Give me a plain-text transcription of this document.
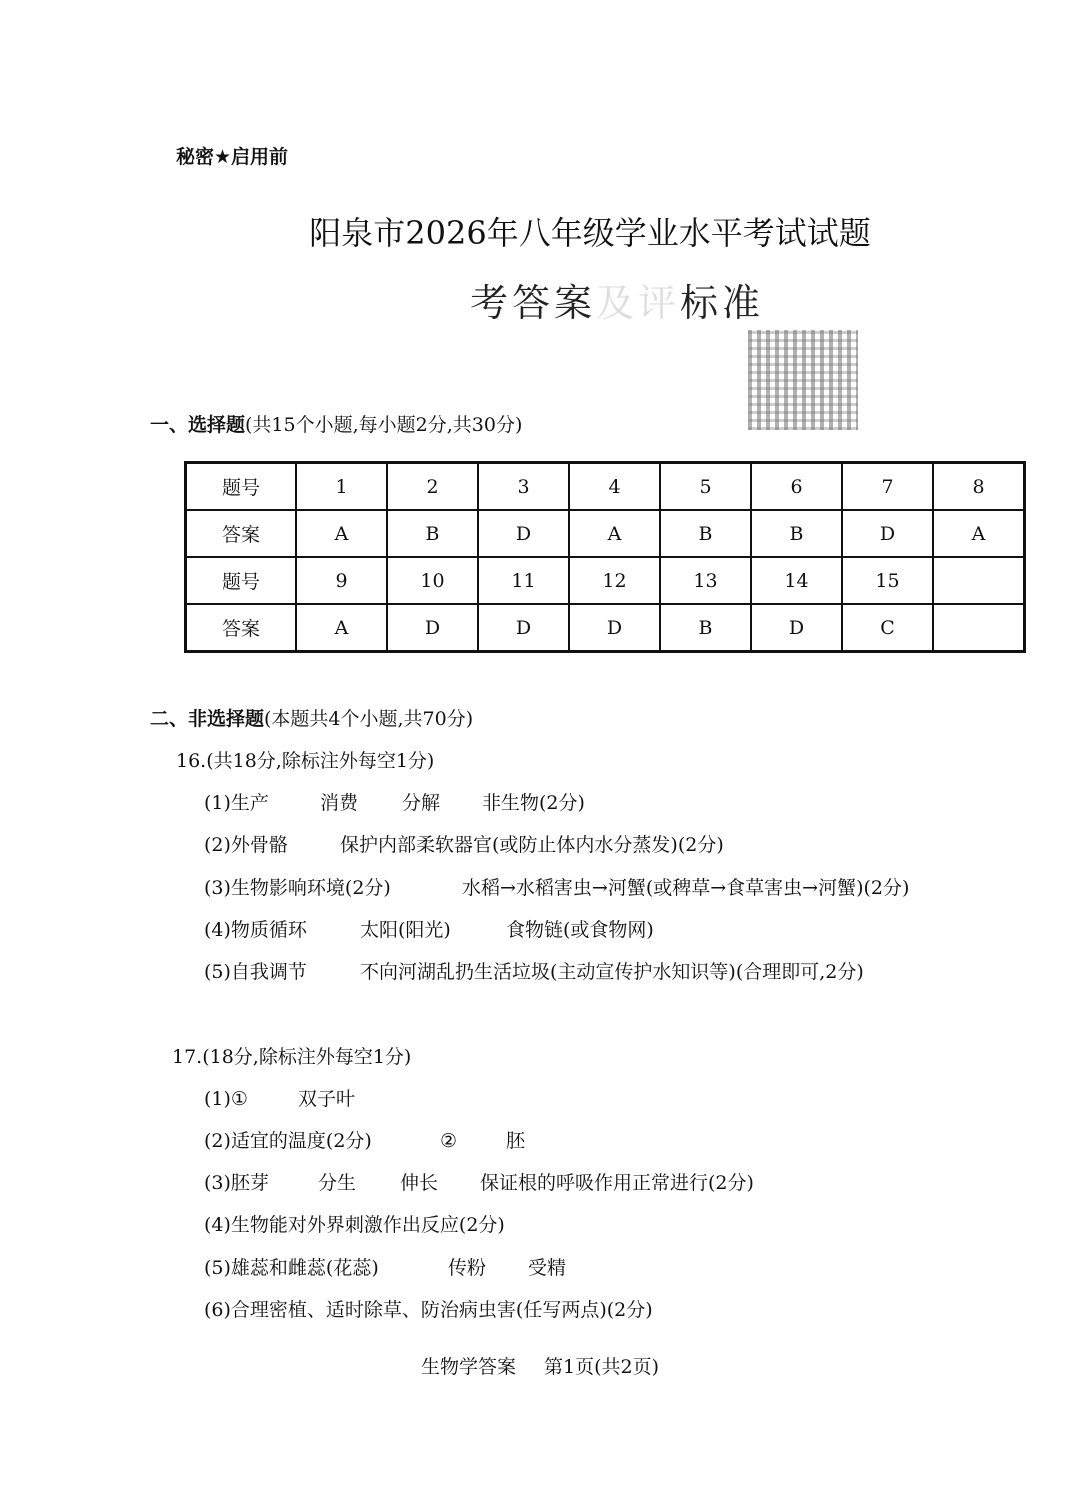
秘密★启用前
阳泉市2026年八年级学业水平考试试题
考答案及评标准
一、选择题(共15个小题,每小题2分,共30分)
题号	1	2	3	4	5	6	7	8
答案	A	B	D	A	B	B	D	A
题号	9	10	11	12	13	14	15	
答案	A	D	D	D	B	D	C	
二、非选择题(本题共4个小题,共70分)
16.(共18分,除标注外每空1分)
(1)生产	消费 分解 非生物(2分)
(2)外骨骼	保护内部柔软器官(或防止体内水分蒸发)(2分)
(3)生物影响环境(2分)	水稻→水稻害虫→河蟹(或稗草→食草害虫→河蟹)(2分)
(4)物质循环	太阳(阳光)	食物链(或食物网)
(5)自我调节	不向河湖乱扔生活垃圾(主动宣传护水知识等)(合理即可,2分)
17.(18分,除标注外每空1分)
(1)①	双子叶
(2)适宜的温度(2分)	②	胚
(3)胚芽	分生 伸长 保证根的呼吸作用正常进行(2分)
(4)生物能对外界刺激作出反应(2分)
(5)雄蕊和雌蕊(花蕊)	传粉 受精
(6)合理密植、适时除草、防治病虫害(任写两点)(2分)
生物学答案 第1页(共2页)
